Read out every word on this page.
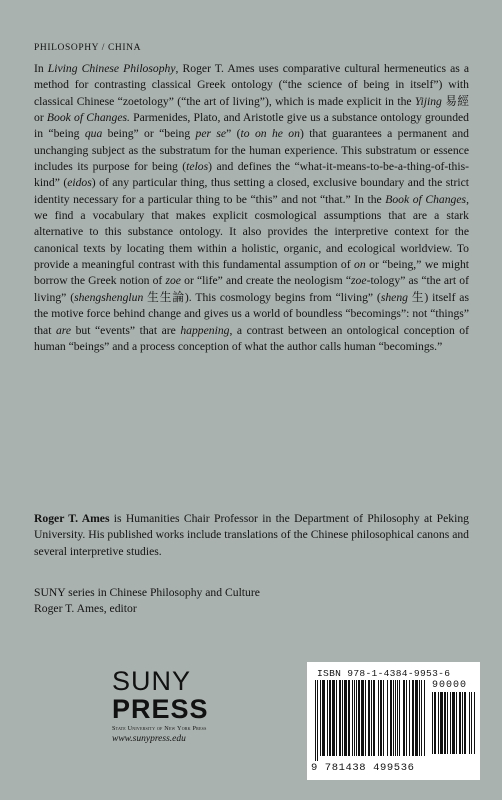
PHILOSOPHY / CHINA

In Living Chinese Philosophy, Roger T. Ames uses comparative cultural hermeneutics as a method for contrasting classical Greek ontology (“the science of being in itself”) with classical Chinese “zoetology” (“the art of living”), which is made explicit in the Yijing 易經 or Book of Changes. Parmenides, Plato, and Aristotle give us a substance ontology grounded in “being qua being” or “being per se” (to on he on) that guarantees a permanent and unchanging subject as the substratum for the human experience. This substratum or essence includes its purpose for being (telos) and defines the “what-it-means-to-be-a-thing-of-this-kind” (eidos) of any particular thing, thus setting a closed, exclusive boundary and the strict identity necessary for a particular thing to be “this” and not “that.” In the Book of Changes, we find a vocabulary that makes explicit cosmological assumptions that are a stark alternative to this substance ontology. It also provides the interpretive context for the canonical texts by locating them within a holistic, organic, and ecological worldview. To provide a meaningful contrast with this fundamental assumption of on or “being,” we might borrow the Greek notion of zoe or “life” and create the neologism “zoe-tology” as “the art of living” (shengshenglun 生生論). This cosmology begins from “living” (sheng 生) itself as the motive force behind change and gives us a world of boundless “becomings”: not “things” that are but “events” that are happening, a contrast between an ontological conception of human “beings” and a process conception of what the author calls human “becomings.”

Roger T. Ames is Humanities Chair Professor in the Department of Philosophy at Peking University. His published works include translations of the Chinese philosophical canons and several interpretive studies.

SUNY series in Chinese Philosophy and Culture
Roger T. Ames, editor
SUNY
PRESS
State University of New York Press
www.sunypress.edu
ISBN 978-1-4384-9953-6
90000
9 781438 499536
